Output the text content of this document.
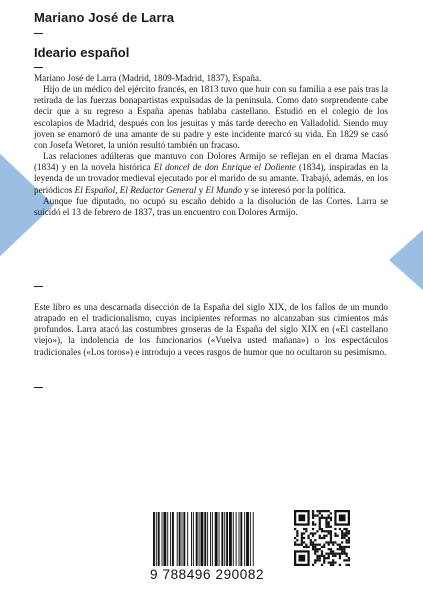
Mariano José de Larra
Ideario español

Mariano José de Larra (Madrid, 1809-Madrid, 1837), España.

Hijo de un médico del ejército francés, en 1813 tuvo que huir con su familia a ese país tras la retirada de las fuerzas bonapartistas expulsadas de la península. Como dato sorprendente cabe decir que a su regreso a España apenas hablaba castellano. Estudió en el colegio de los escolapios de Madrid, después con los jesuitas y más tarde derecho en Valladolid. Siendo muy joven se enamoró de una amante de su padre y este incidente marcó su vida. En 1829 se casó con Josefa Wetoret, la unión resultó también un fracaso.

Las relaciones adúlteras que mantuvo con Dolores Armijo se reflejan en el drama Macías (1834) y en la novela histórica El doncel de don Enrique el Doliente (1834), inspiradas en la leyenda de un trovador medieval ejecutado por el marido de su amante. Trabajó, además, en los periódicos El Español, El Redactor General y El Mundo y se interesó por la política.

Aunque fue diputado, no ocupó su escaño debido a la disolución de las Cortes. Larra se suicidó el 13 de febrero de 1837, tras un encuentro con Dolores Armijo.

Este libro es una descarnada disección de la España del siglo XIX, de los fallos de un mundo atrapado en el tradicionalismo, cuyas incipientes reformas no alcanzaban sus cimientos más profundos. Larra atacó las costumbres groseras de la España del siglo XIX en («El castellano viejo»), la indolencia de los funcionarios («Vuelva usted mañana») o los espectáculos tradicionales («Los toros») e introdujo a veces rasgos de humor que no ocultaron su pesimismo.

9 788496 290082
